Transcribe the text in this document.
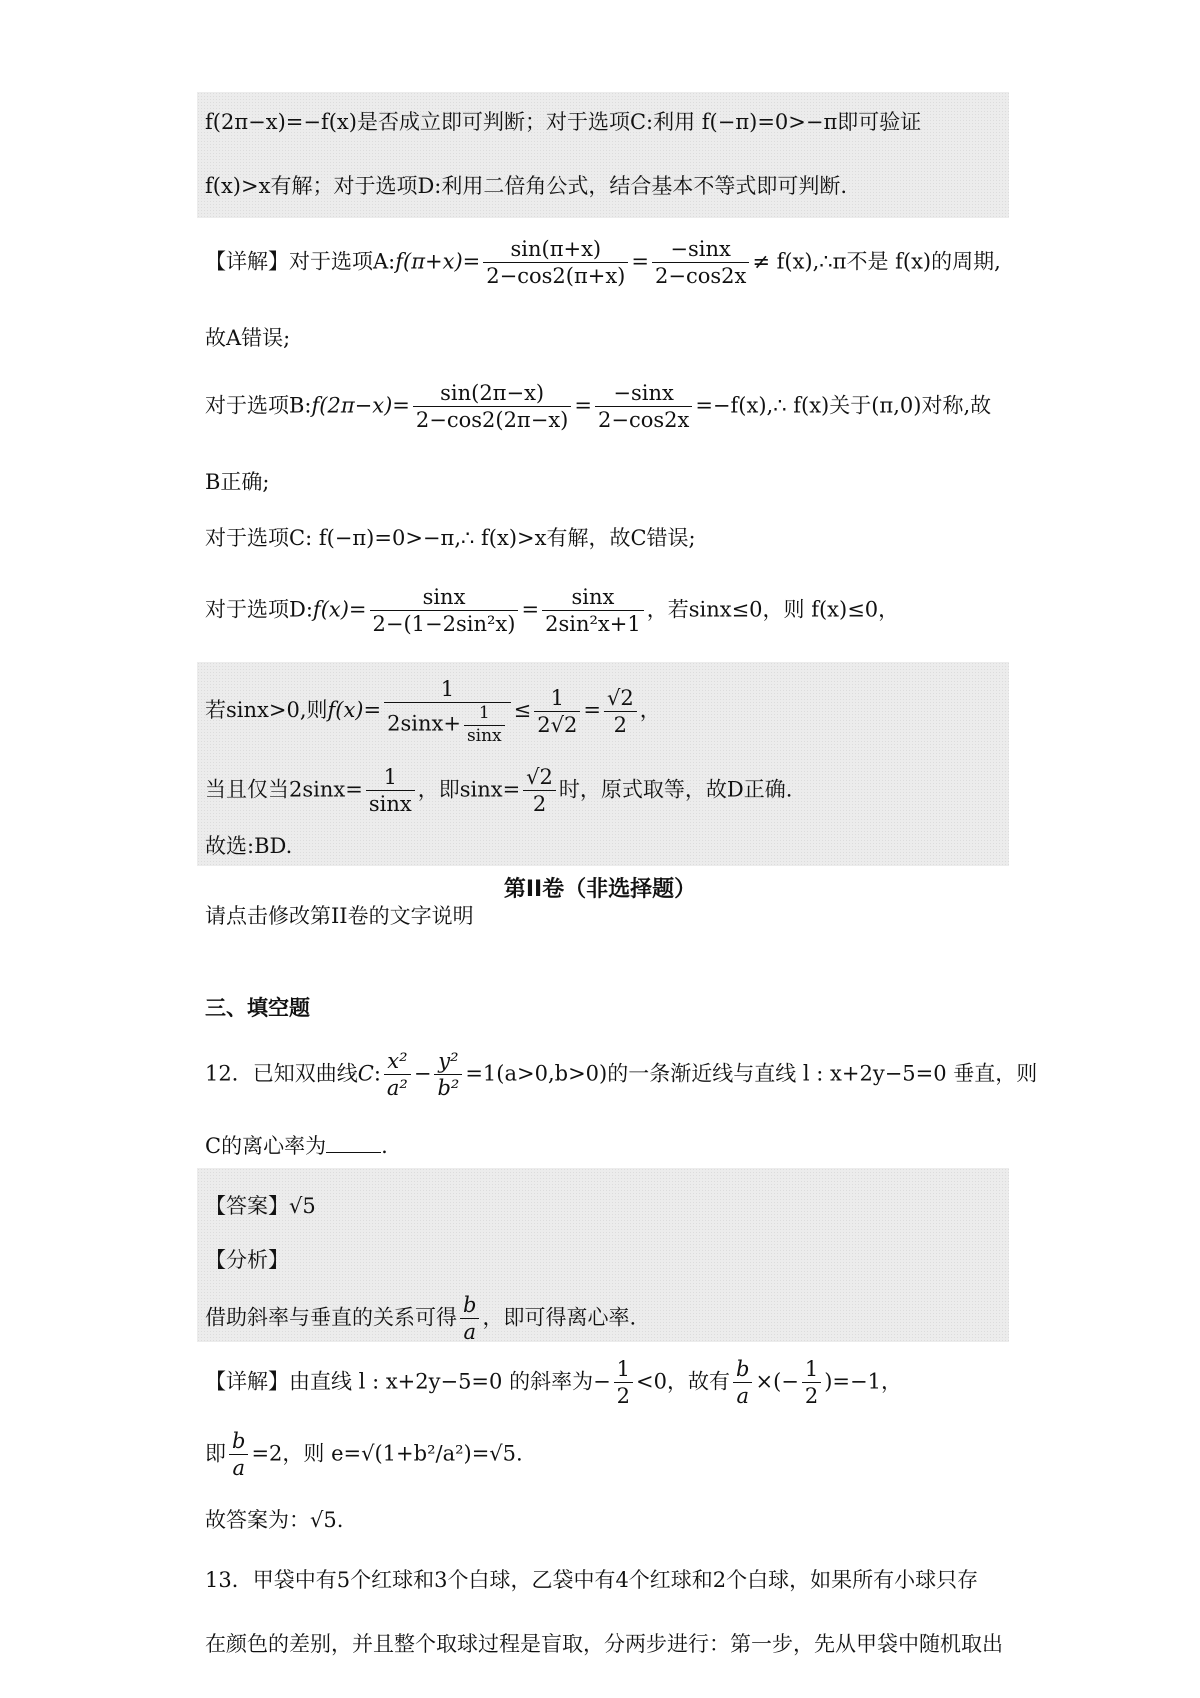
f(2π−x)=−f(x)是否成立即可判断；对于选项C:利用 f(−π)=0>−π即可验证
f(x)>x有解；对于选项D:利用二倍角公式，结合基本不等式即可判断.
【详解】对于选项A:f(π+x)= $\frac{\sin(\pi+x)}{2-\cos 2(\pi+x)} = \frac{-\sin x}{2-\cos 2x}$ ≠ f(x),∴π不是 f(x)的周期,
故A错误;
对于选项B:f(2π−x)= $\frac{\sin(2\pi-x)}{2-\cos 2(2\pi-x)} = \frac{-\sin x}{2-\cos 2x}$ =−f(x),∴ f(x)关于(π,0)对称,故
B正确;
对于选项C: f(−π)=0>−π,∴ f(x)>x有解，故C错误;
对于选项D:f(x)= $\frac{\sin x}{\text{2−(1−2sin²x)}} = \frac{\sin x}{\text{2sin²x+1}}$ ，若sinx≤0，则 f(x)≤0，
若sinx>0,则$f(x)= \frac{1}{2\sin x+ \frac{1}{\sin x}} \le \frac{1}{2√2} = \frac{√2}{2}$ ，
当且仅当$2\sin x= \frac{1}{\sin x}$ ，即$\sin x= \frac{√2}{2}$ 时，原式取等，故D正确.
故选:BD.
第II卷（非选择题）
请点击修改第II卷的文字说明
三、填空题
12．已知双曲线C: $\frac{\text{x²}}{\text{a²}} - \frac{\text{y²}}{\text{b²}} =1(a>0,b>0)$的一条渐近线与直线 l : x+2y−5=0 垂直，则
C的离心率为	.
【答案】√5
【分析】
借助斜率与垂直的关系可得 $\frac{b}{a}$ ，即可得离心率.
【详解】由直线 l : x+2y−5=0 的斜率为− $\frac{1}{2} <0$，故有 $\frac{b}{a}$ ×(− $\frac{1}{2} )=-1$，
即 $\frac{b}{a} =2$，则 e=√(1+b²/a²)=√5.
故答案为：√5.
13．甲袋中有5个红球和3个白球，乙袋中有4个红球和2个白球，如果所有小球只存
在颜色的差别，并且整个取球过程是盲取，分两步进行：第一步，先从甲袋中随机取出
